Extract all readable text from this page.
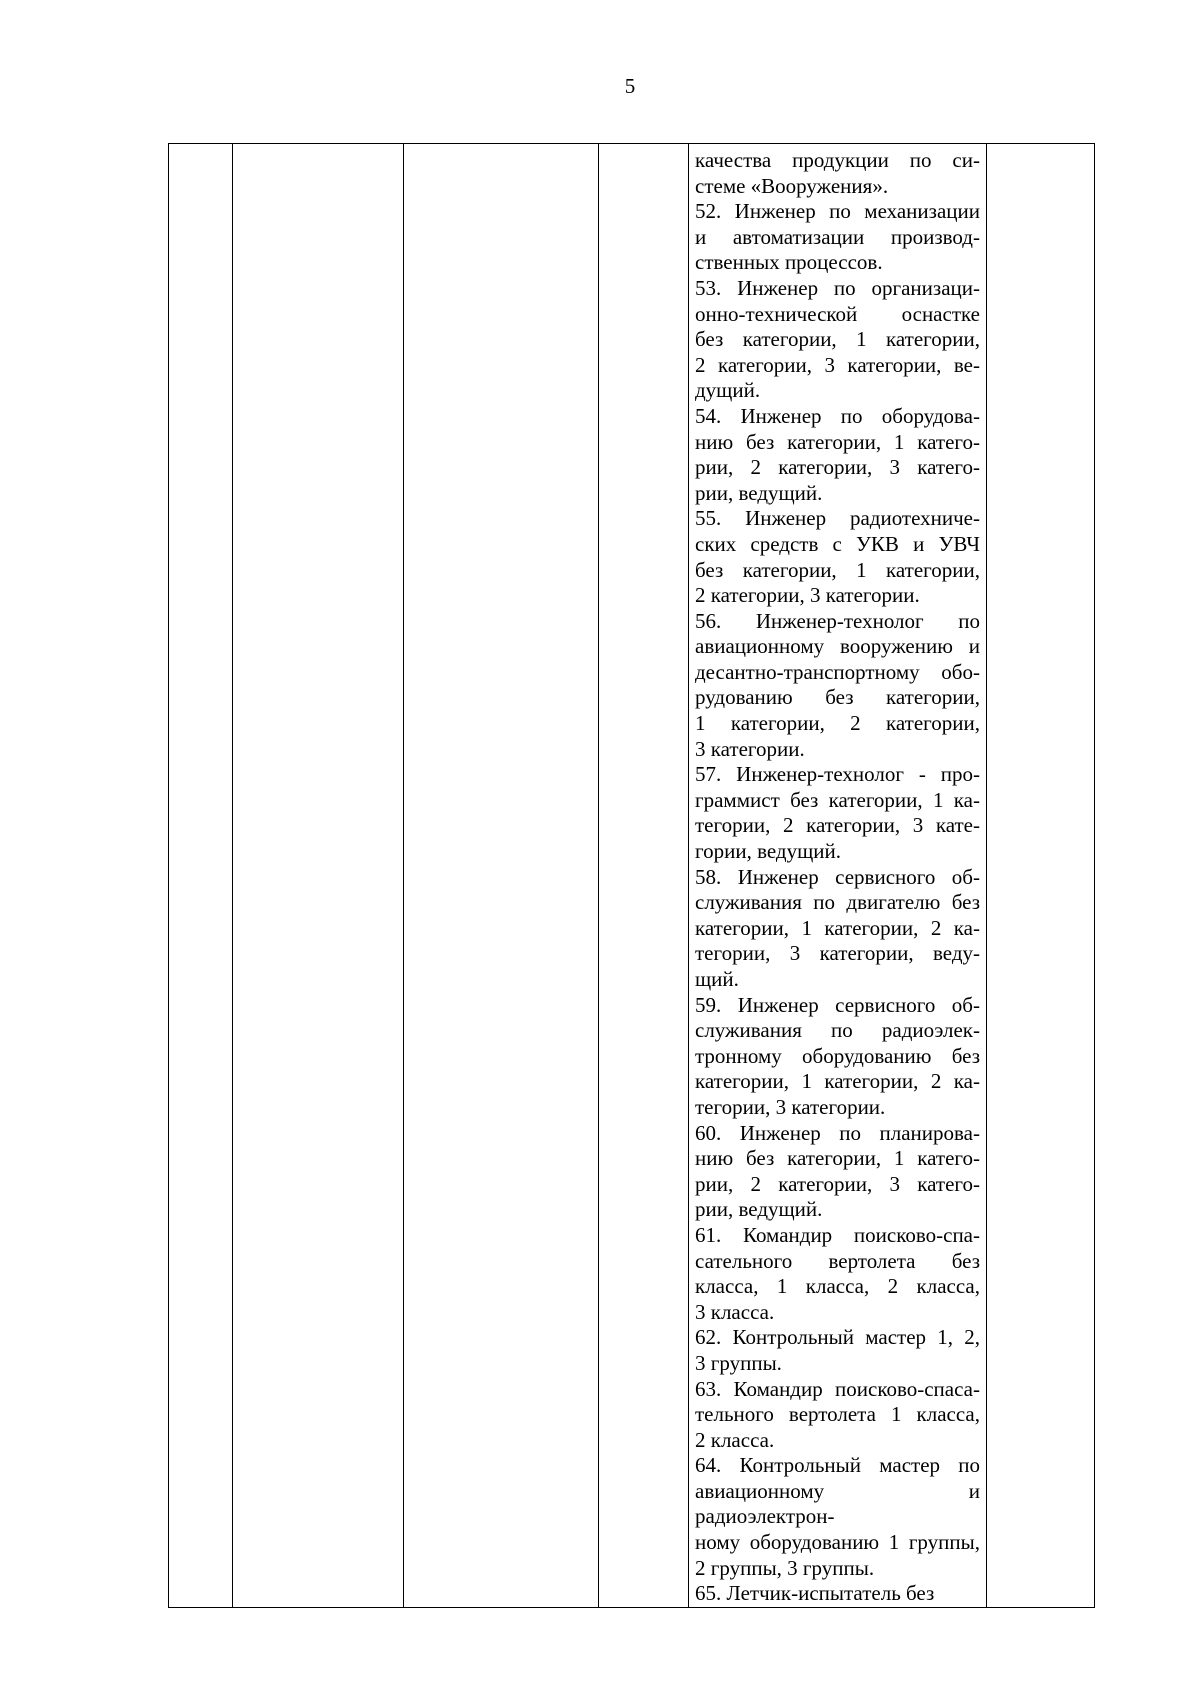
5

качества продукции по си-
стеме «Вооружения».

52. Инженер по механизации
и автоматизации производ-
ственных процессов.

53. Инженер по организаци-
онно-технической оснастке
без категории, 1 категории,
2 категории, 3 категории, ве-
дущий.

54. Инженер по оборудова-
нию без категории, 1 катего-
рии, 2 категории, 3 катего-
рии, ведущий.

55. Инженер радиотехниче-
ских средств с УКВ и УВЧ
без категории, 1 категории,
2 категории, 3 категории.

56. Инженер-технолог по
авиационному вооружению и
десантно-транспортному обо-
рудованию без категории,
1 категории, 2 категории,
3 категории.

57. Инженер-технолог - про-
граммист без категории, 1 ка-
тегории, 2 категории, 3 кате-
гории, ведущий.

58. Инженер сервисного об-
служивания по двигателю без
категории, 1 категории, 2 ка-
тегории, 3 категории, веду-
щий.

59. Инженер сервисного об-
служивания по радиоэлек-
тронному оборудованию без
категории, 1 категории, 2 ка-
тегории, 3 категории.

60. Инженер по планирова-
нию без категории, 1 катего-
рии, 2 категории, 3 катего-
рии, ведущий.

61. Командир поисково-спа-
сательного вертолета без
класса, 1 класса, 2 класса,
3 класса.

62. Контрольный мастер 1, 2,
3 группы.

63. Командир поисково-спаса-
тельного вертолета 1 класса,
2 класса.

64. Контрольный мастер по
авиационному и радиоэлектрон-
ному оборудованию 1 группы,
2 группы, 3 группы.

65. Летчик-испытатель без
